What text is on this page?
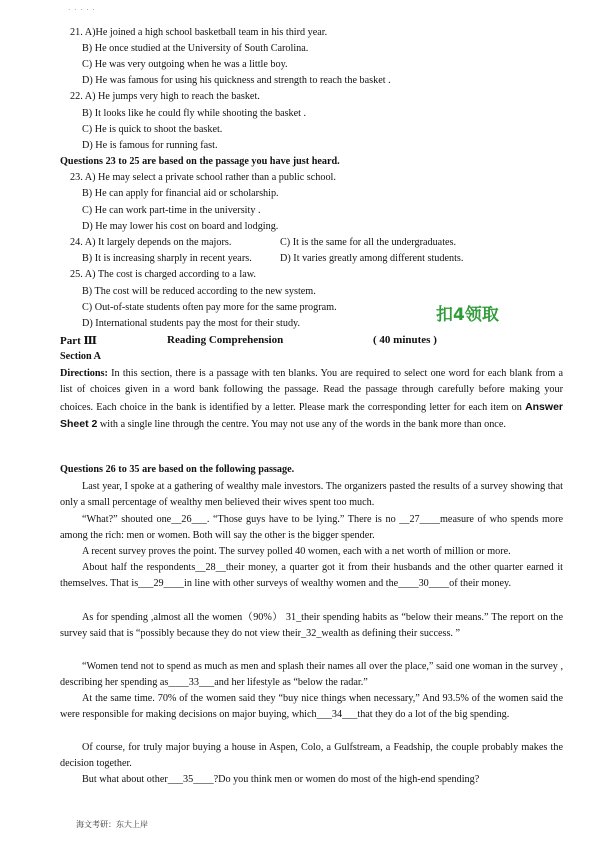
· · · · ·
21. A)He joined a high school basketball team in his third year.
B) He once studied at the University of South Carolina.
C) He was very outgoing when he was a little boy.
D) He was famous for using his quickness and strength to reach the basket .
22. A) He jumps very high to reach the basket.
B) It looks like he could fly while shooting the basket .
C) He is quick to shoot the basket.
D) He is famous for running fast.
Questions 23 to 25 are based on the passage you have just heard.
23. A) He may select a private school rather than a public school.
B) He can apply for financial aid or scholarship.
C) He can work part-time in the university .
D) He may lower his cost on board and lodging.
24. A) It largely depends on the majors.	C) It is the same for all the undergraduates.
B) It is increasing sharply in recent years.	D) It varies greatly among different students.
25. A) The cost is charged according to a law.
B) The cost will be reduced according to the new system.
C) Out-of-state students often pay more for the same program.
D) International students pay the most for their study.	扣4领取
Part Ⅲ	Reading Comprehension	( 40 minutes )
Section A
Directions: In this section, there is a passage with ten blanks. You are required to select one word for each blank from a list of choices given in a word bank following the passage. Read the passage through carefully before making your choices. Each choice in the bank is identified by a letter. Please mark the corresponding letter for each item on Answer Sheet 2 with a single line through the centre. You may not use any of the words in the bank more than once.
Questions 26 to 35 are based on the following passage.
Last year, I spoke at a gathering of wealthy male investors. The organizers pasted the results of a survey showing that only a small percentage of wealthy men believed their wives spent too much.
“What?” shouted one__26___. “Those guys have to be lying.” There is no __27____measure of who spends more among the rich: men or women. Both will say the other is the bigger spender.
A recent survey proves the point. The survey polled 40 women, each with a net worth of million or more.
About half the respondents__28__their money, a quarter got it from their husbands and the other quarter earned it themselves. That is___29____in line with other surveys of wealthy women and the____30____of their money.
As for spending ,almost all the women（90%） 31_their spending habits as “below their means.” The report on the survey said that is “possibly because they do not view their_32_wealth as defining their success. ”
“Women tend not to spend as much as men and splash their names all over the place,” said one woman in the survey , describing her spending as____33___and her lifestyle as “below the radar.”
At the same time. 70% of the women said they “buy nice things when necessary,” And 93.5% of the women said the were responsible for making decisions on major buying, which___34___that they do a lot of the big spending.
Of course, for truly major buying a house in Aspen, Colo, a Gulfstream, a Feadship, the couple probably makes the decision together.
But what about other___35____?Do you think men or women do most of the high-end spending?
海文考研：东大上岸
